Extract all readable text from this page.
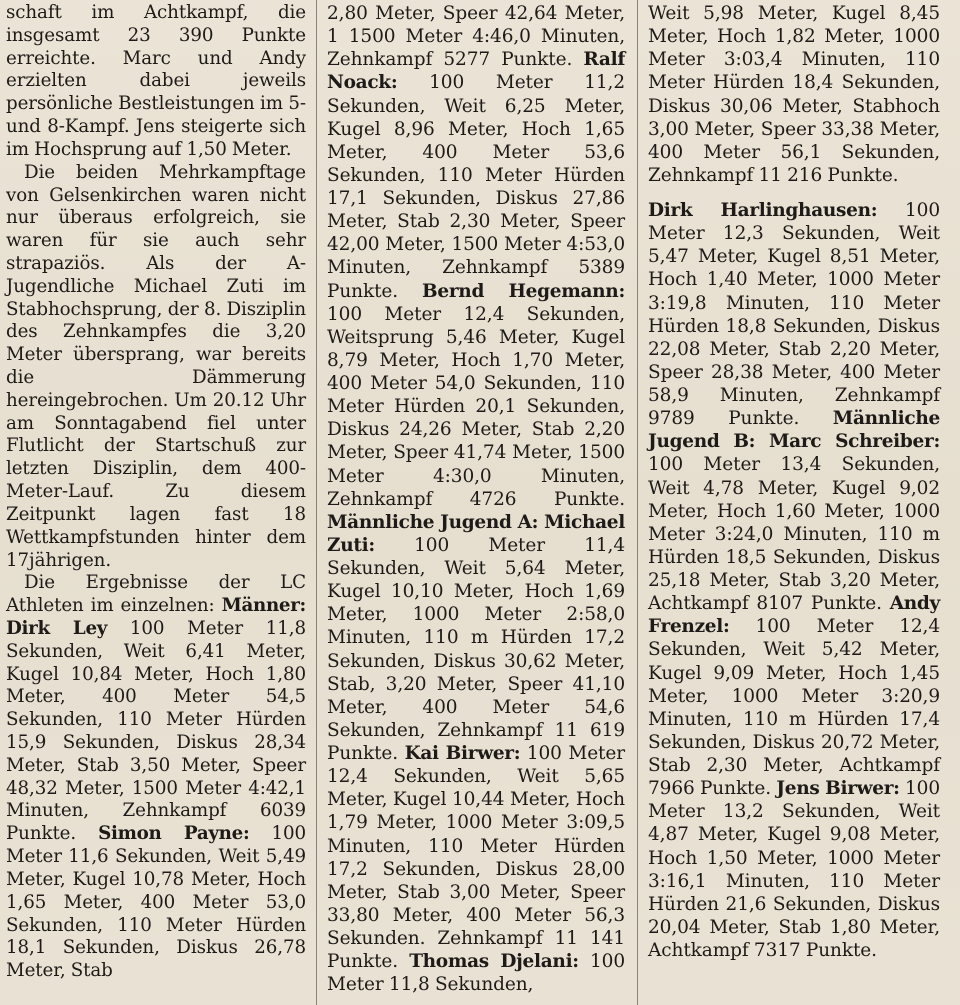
schaft im Achtkampf, die insgesamt 23 390 Punkte erreichte. Marc und Andy erzielten dabei jeweils persönliche Bestleistungen im 5- und 8-Kampf. Jens steigerte sich im Hochsprung auf 1,50 Meter.

Die beiden Mehrkampftage von Gelsenkirchen waren nicht nur überaus erfolgreich, sie waren für sie auch sehr strapaziös. Als der A-Jugendliche Michael Zuti im Stabhochsprung, der 8. Disziplin des Zehnkampfes die 3,20 Meter übersprang, war bereits die Dämmerung hereingebrochen. Um 20.12 Uhr am Sonntagabend fiel unter Flutlicht der Startschuß zur letzten Disziplin, dem 400-Meter-Lauf. Zu diesem Zeitpunkt lagen fast 18 Wettkampfstunden hinter dem 17jährigen.

Die Ergebnisse der LC Athleten im einzelnen: Männer: Dirk Ley 100 Meter 11,8 Sekunden, Weit 6,41 Meter, Kugel 10,84 Meter, Hoch 1,80 Meter, 400 Meter 54,5 Sekunden, 110 Meter Hürden 15,9 Sekunden, Diskus 28,34 Meter, Stab 3,50 Meter, Speer 48,32 Meter, 1500 Meter 4:42,1 Minuten, Zehnkampf 6039 Punkte. Simon Payne: 100 Meter 11,6 Sekunden, Weit 5,49 Meter, Kugel 10,78 Meter, Hoch 1,65 Meter, 400 Meter 53,0 Sekunden, 110 Meter Hürden 18,1 Sekunden, Diskus 26,78 Meter, Stab

2,80 Meter, Speer 42,64 Meter, 1 1500 Meter 4:46,0 Minuten, Zehnkampf 5277 Punkte. Ralf Noack: 100 Meter 11,2 Sekunden, Weit 6,25 Meter, Kugel 8,96 Meter, Hoch 1,65 Meter, 400 Meter 53,6 Sekunden, 110 Meter Hürden 17,1 Sekunden, Diskus 27,86 Meter, Stab 2,30 Meter, Speer 42,00 Meter, 1500 Meter 4:53,0 Minuten, Zehnkampf 5389 Punkte. Bernd Hegemann: 100 Meter 12,4 Sekunden, Weitsprung 5,46 Meter, Kugel 8,79 Meter, Hoch 1,70 Meter, 400 Meter 54,0 Sekunden, 110 Meter Hürden 20,1 Sekunden, Diskus 24,26 Meter, Stab 2,20 Meter, Speer 41,74 Meter, 1500 Meter 4:30,0 Minuten, Zehnkampf 4726 Punkte. Männliche Jugend A: Michael Zuti: 100 Meter 11,4 Sekunden, Weit 5,64 Meter, Kugel 10,10 Meter, Hoch 1,69 Meter, 1000 Meter 2:58,0 Minuten, 110 m Hürden 17,2 Sekunden, Diskus 30,62 Meter, Stab, 3,20 Meter, Speer 41,10 Meter, 400 Meter 54,6 Sekunden, Zehnkampf 11 619 Punkte. Kai Birwer: 100 Meter 12,4 Sekunden, Weit 5,65 Meter, Kugel 10,44 Meter, Hoch 1,79 Meter, 1000 Meter 3:09,5 Minuten, 110 Meter Hürden 17,2 Sekunden, Diskus 28,00 Meter, Stab 3,00 Meter, Speer 33,80 Meter, 400 Meter 56,3 Sekunden. Zehnkampf 11 141 Punkte. Thomas Djelani: 100 Meter 11,8 Sekunden,

Weit 5,98 Meter, Kugel 8,45 Meter, Hoch 1,82 Meter, 1000 Meter 3:03,4 Minuten, 110 Meter Hürden 18,4 Sekunden, Diskus 30,06 Meter, Stabhoch 3,00 Meter, Speer 33,38 Meter, 400 Meter 56,1 Sekunden, Zehnkampf 11 216 Punkte.

Dirk Harlinghausen: 100 Meter 12,3 Sekunden, Weit 5,47 Meter, Kugel 8,51 Meter, Hoch 1,40 Meter, 1000 Meter 3:19,8 Minuten, 110 Meter Hürden 18,8 Sekunden, Diskus 22,08 Meter, Stab 2,20 Meter, Speer 28,38 Meter, 400 Meter 58,9 Minuten, Zehnkampf 9789 Punkte. Männliche Jugend B: Marc Schreiber: 100 Meter 13,4 Sekunden, Weit 4,78 Meter, Kugel 9,02 Meter, Hoch 1,60 Meter, 1000 Meter 3:24,0 Minuten, 110 m Hürden 18,5 Sekunden, Diskus 25,18 Meter, Stab 3,20 Meter, Achtkampf 8107 Punkte. Andy Frenzel: 100 Meter 12,4 Sekunden, Weit 5,42 Meter, Kugel 9,09 Meter, Hoch 1,45 Meter, 1000 Meter 3:20,9 Minuten, 110 m Hürden 17,4 Sekunden, Diskus 20,72 Meter, Stab 2,30 Meter, Achtkampf 7966 Punkte. Jens Birwer: 100 Meter 13,2 Sekunden, Weit 4,87 Meter, Kugel 9,08 Meter, Hoch 1,50 Meter, 1000 Meter 3:16,1 Minuten, 110 Meter Hürden 21,6 Sekunden, Diskus 20,04 Meter, Stab 1,80 Meter, Achtkampf 7317 Punkte.
